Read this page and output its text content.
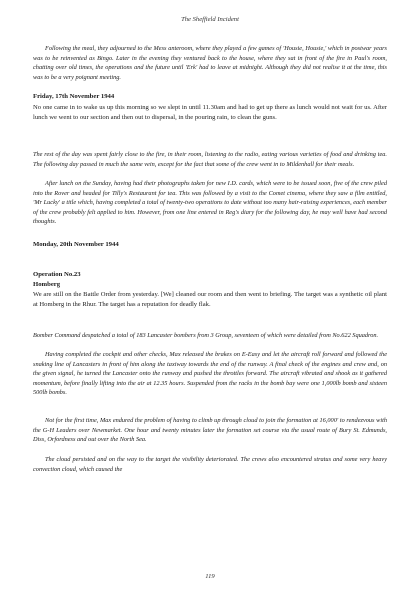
The Sheffield Incident

Following the meal, they adjourned to the Mess anteroom, where they played a few games of 'Housie, Housie,' which in postwar years was to be reinvented as Bingo. Later in the evening they ventured back to the house, where they sat in front of the fire in Paul's room, chatting over old times, the operations and the future until 'Erk' had to leave at midnight. Although they did not realise it at the time, this was to be a very poignant meeting.

Friday, 17th November 1944

No one came in to wake us up this morning so we slept in until 11.30am and had to get up there as lunch would not wait for us. After lunch we went to our section and then out to dispersal, in the pouring rain, to clean the guns.

The rest of the day was spent fairly close to the fire, in their room, listening to the radio, eating various varieties of food and drinking tea. The following day passed in much the same vein, except for the fact that some of the crew went in to Mildenhall for their meals.

After lunch on the Sunday, having had their photographs taken for new I.D. cards, which were to be issued soon, five of the crew piled into the Rover and headed for Tilly's Restaurant for tea. This was followed by a visit to the Comet cinema, where they saw a film entitled, 'Mr Lucky' a title which, having completed a total of twenty-two operations to date without too many hair-raising experiences, each member of the crew probably felt applied to him. However, from one line entered in Reg's diary for the following day, he may well have had second thoughts.

Monday, 20th November 1944

Operation No.23

Homberg

We are still on the Battle Order from yesterday. [We] cleaned our room and then went to briefing. The target was a synthetic oil plant at Homberg in the Rhur. The target has a reputation for deadly flak.

Bomber Command despatched a total of 183 Lancaster bombers from 3 Group, seventeen of which were detailed from No.622 Squadron.

Having completed the cockpit and other checks, Max released the brakes on E-Easy and let the aircraft roll forward and followed the snaking line of Lancasters in front of him along the taxiway towards the end of the runway. A final check of the engines and crew and, on the given signal, he turned the Lancaster onto the runway and pushed the throttles forward. The aircraft vibrated and shook as it gathered momentum, before finally lifting into the air at 12.35 hours. Suspended from the racks in the bomb bay were one 1,000lb bomb and sixteen 500lb bombs.

Not for the first time, Max endured the problem of having to climb up through cloud to join the formation at 16,000' to rendezvous with the G-H Leaders over Newmarket. One hour and twenty minutes later the formation set course via the usual route of Bury St. Edmunds, Diss, Orfordness and out over the North Sea.

The cloud persisted and on the way to the target the visibility deteriorated. The crews also encountered stratus and some very heavy convection cloud, which caused the

119
